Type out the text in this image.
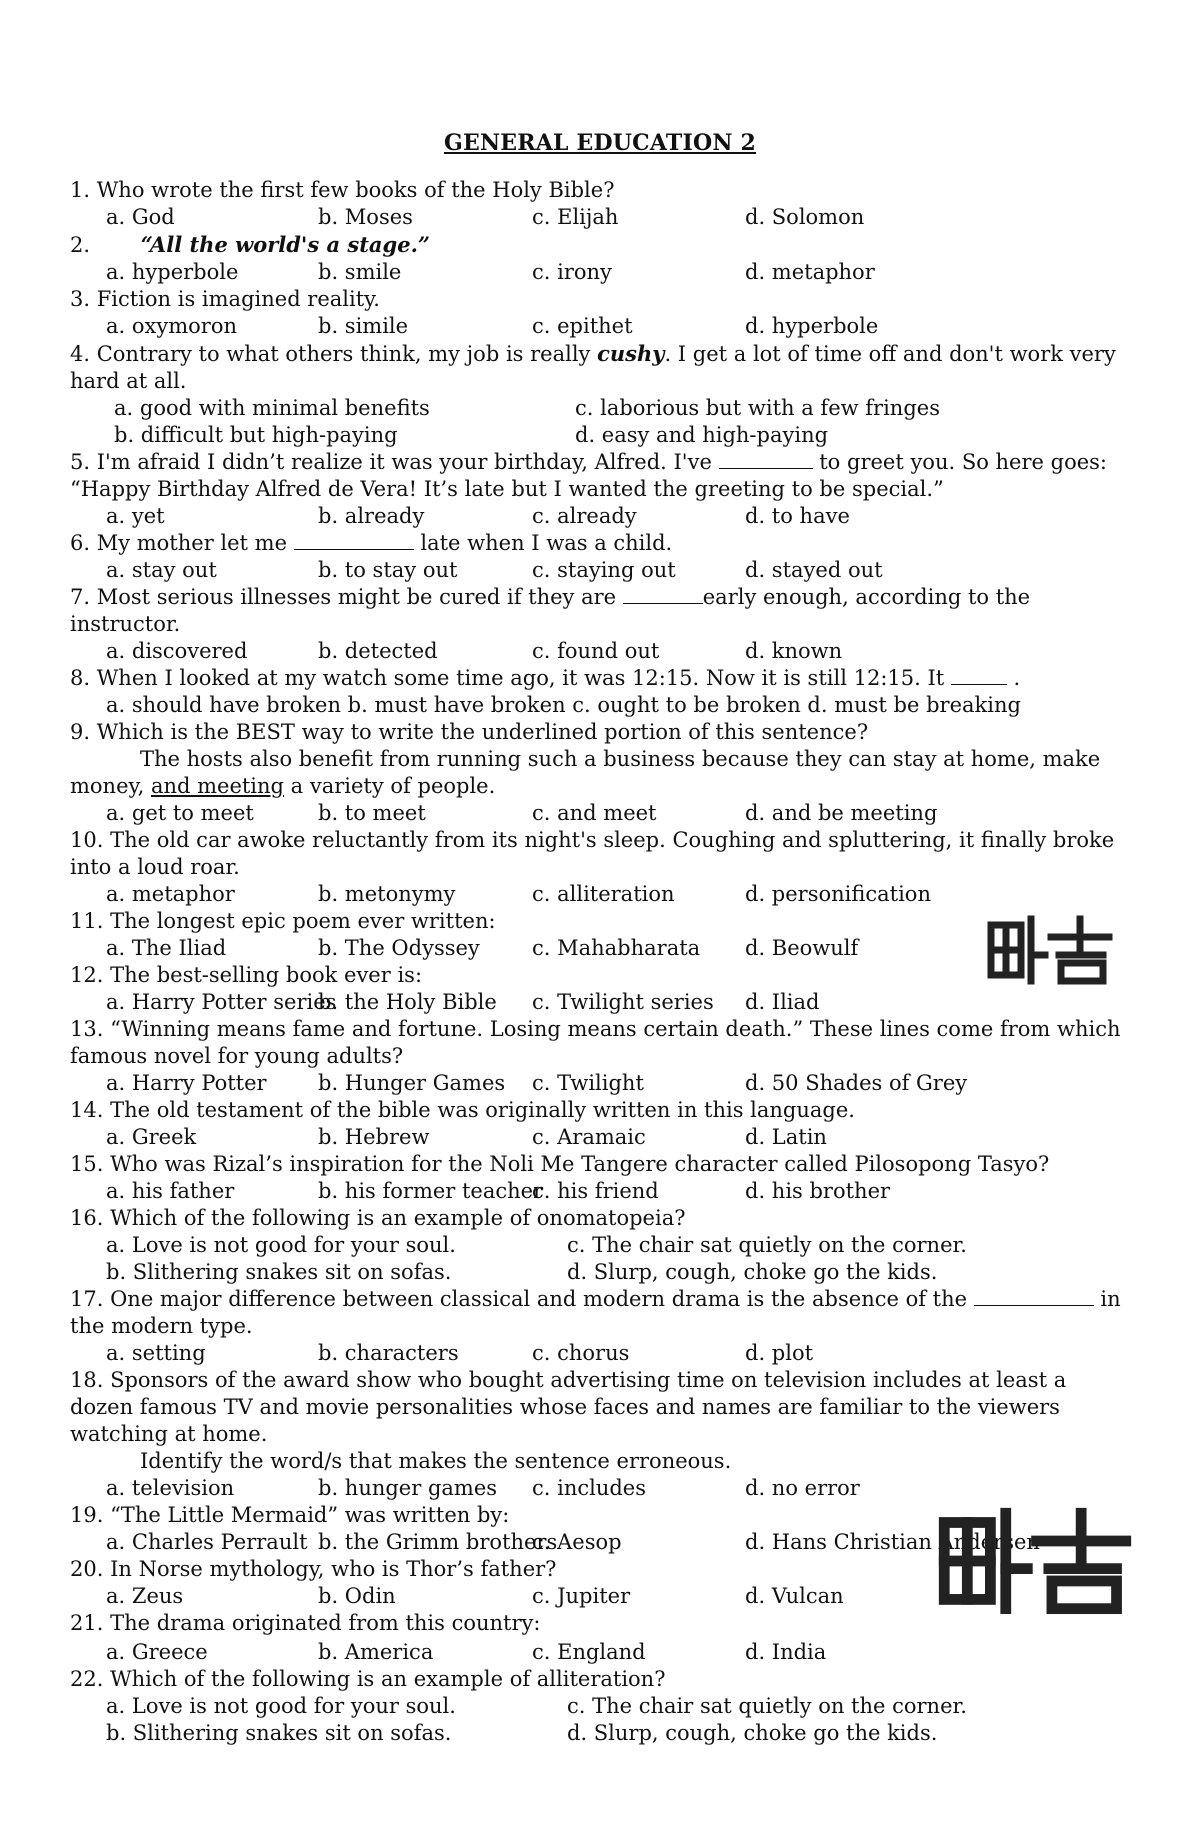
GENERAL EDUCATION 2
1. Who wrote the first few books of the Holy Bible?
a. God	b. Moses	c. Elijah	d. Solomon
2. “All the world's a stage.”
a. hyperbole	b. smile	c. irony	d. metaphor
3. Fiction is imagined reality.
a. oxymoron	b. simile	c. epithet	d. hyperbole
4. Contrary to what others think, my job is really cushy. I get a lot of time off and don't work very hard at all.
a. good with minimal benefits	c. laborious but with a few fringes
b. difficult but high-paying	d. easy and high-paying
5. I'm afraid I didn’t realize it was your birthday, Alfred. I've	to greet you. So here goes: “Happy Birthday Alfred de Vera! It’s late but I wanted the greeting to be special.”
a. yet	b. already	c. already	d. to have
6. My mother let me	late when I was a child.
a. stay out	b. to stay out	c. staying out	d. stayed out
7. Most serious illnesses might be cured if they are	early enough, according to the instructor.
a. discovered	b. detected	c. found out	d. known
8. When I looked at my watch some time ago, it was 12:15. Now it is still 12:15. It	.
a. should have broken b. must have broken c. ought to be broken d. must be breaking
9. Which is the BEST way to write the underlined portion of this sentence?
The hosts also benefit from running such a business because they can stay at home, make money, and meeting a variety of people.
a. get to meet	b. to meet	c. and meet	d. and be meeting
10. The old car awoke reluctantly from its night's sleep. Coughing and spluttering, it finally broke into a loud roar.
a. metaphor	b. metonymy	c. alliteration	d. personification
11. The longest epic poem ever written:
a. The Iliad	b. The Odyssey	c. Mahabharata	d. Beowulf
12. The best-selling book ever is:
a. Harry Potter series
b. the Holy Bible	c. Twilight series	d. Iliad
13. “Winning means fame and fortune. Losing means certain death.” These lines come from which famous novel for young adults?
a. Harry Potter	b. Hunger Games	c. Twilight	d. 50 Shades of Grey
14. The old testament of the bible was originally written in this language.
a. Greek	b. Hebrew	c. Aramaic	d. Latin
15. Who was Rizal’s inspiration for the Noli Me Tangere character called Pilosopong Tasyo?
a. his father	b. his former teacher
c. his friend	d. his brother
16. Which of the following is an example of onomatopeia?
a. Love is not good for your soul.	c. The chair sat quietly on the corner.
b. Slithering snakes sit on sofas.	d. Slurp, cough, choke go the kids.
17. One major difference between classical and modern drama is the absence of the	in the modern type.
a. setting	b. characters	c. chorus	d. plot
18. Sponsors of the award show who bought advertising time on television includes at least a dozen famous TV and movie personalities whose faces and names are familiar to the viewers watching at home.
Identify the word/s that makes the sentence erroneous.
a. television	b. hunger games	c. includes	d. no error
19. “The Little Mermaid” was written by:
a. Charles Perrault b. the Grimm brothers
c. Aesop	d. Hans Christian Andersen
20. In Norse mythology, who is Thor’s father?
a. Zeus	b. Odin	c. Jupiter	d. Vulcan
21. The drama originated from this country:
a. Greece	b. America	c. England	d. India
22. Which of the following is an example of alliteration?
a. Love is not good for your soul.	c. The chair sat quietly on the corner.
b. Slithering snakes sit on sofas.	d. Slurp, cough, choke go the kids.
